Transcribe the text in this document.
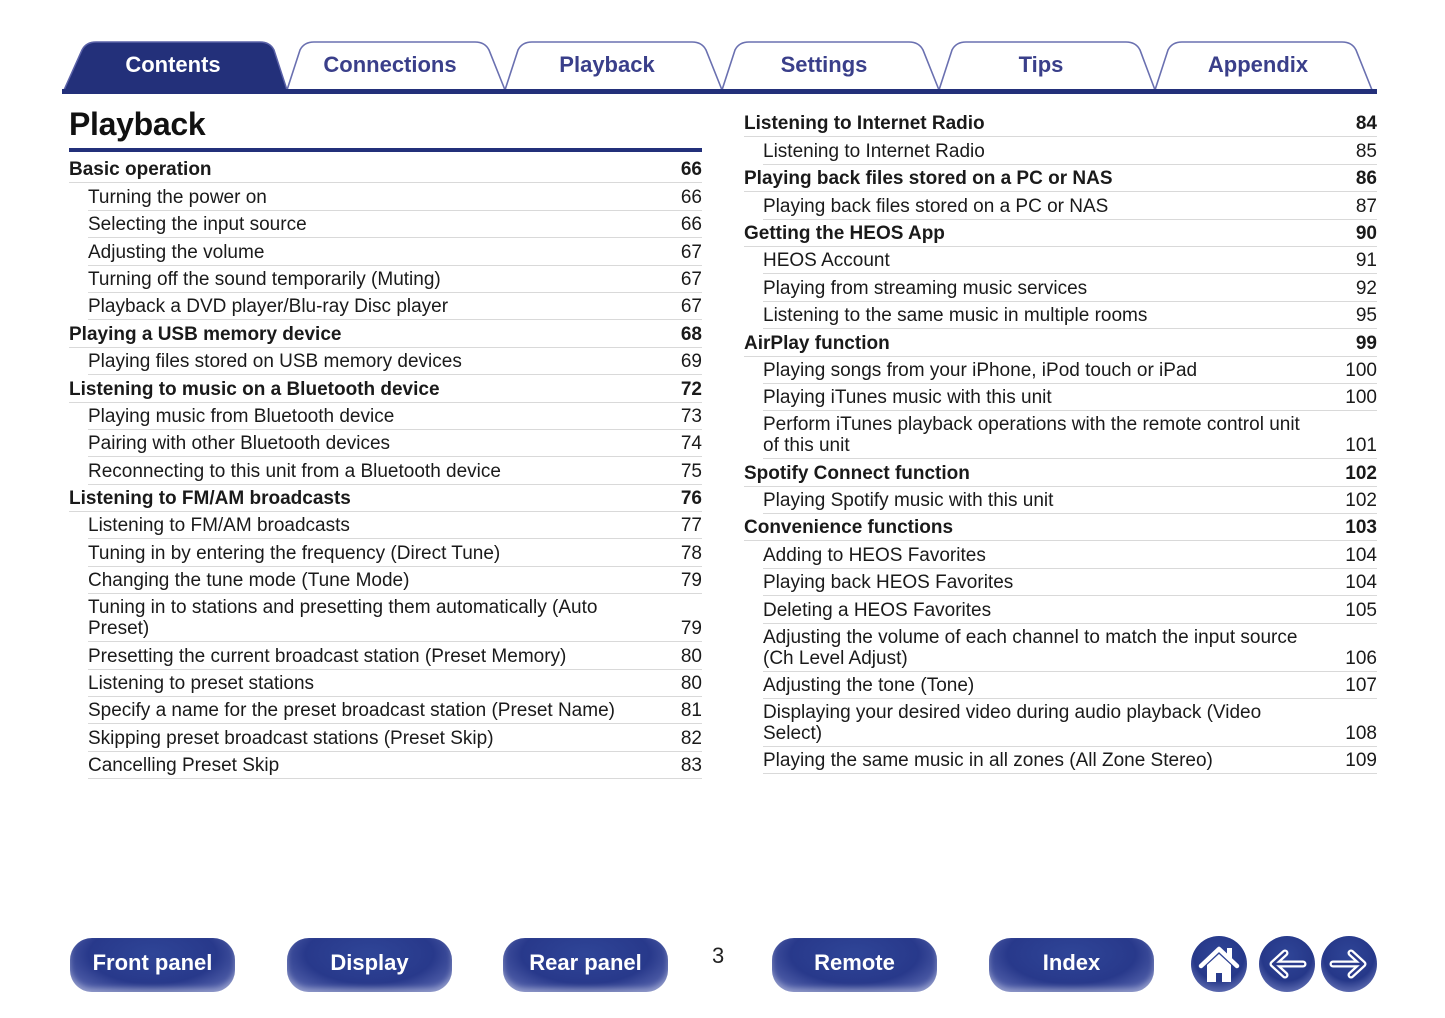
Contents	Connections	Playback	Settings	Tips	Appendix
Playback
Basic operation	66
Turning the power on	66
Selecting the input source	66
Adjusting the volume	67
Turning off the sound temporarily (Muting)	67
Playback a DVD player/Blu-ray Disc player	67
Playing a USB memory device	68
Playing files stored on USB memory devices	69
Listening to music on a Bluetooth device	72
Playing music from Bluetooth device	73
Pairing with other Bluetooth devices	74
Reconnecting to this unit from a Bluetooth device	75
Listening to FM/AM broadcasts	76
Listening to FM/AM broadcasts	77
Tuning in by entering the frequency (Direct Tune)	78
Changing the tune mode (Tune Mode)	79
Tuning in to stations and presetting them automatically (Auto Preset)	79
Presetting the current broadcast station (Preset Memory)	80
Listening to preset stations	80
Specify a name for the preset broadcast station (Preset Name)	81
Skipping preset broadcast stations (Preset Skip)	82
Cancelling Preset Skip	83
Listening to Internet Radio	84
Listening to Internet Radio	85
Playing back files stored on a PC or NAS	86
Playing back files stored on a PC or NAS	87
Getting the HEOS App	90
HEOS Account	91
Playing from streaming music services	92
Listening to the same music in multiple rooms	95
AirPlay function	99
Playing songs from your iPhone, iPod touch or iPad	100
Playing iTunes music with this unit	100
Perform iTunes playback operations with the remote control unit of this unit	101
Spotify Connect function	102
Playing Spotify music with this unit	102
Convenience functions	103
Adding to HEOS Favorites	104
Playing back HEOS Favorites	104
Deleting a HEOS Favorites	105
Adjusting the volume of each channel to match the input source (Ch Level Adjust)	106
Adjusting the tone (Tone)	107
Displaying your desired video during audio playback (Video Select)	108
Playing the same music in all zones (All Zone Stereo)	109
Front panel	Display	Rear panel	3	Remote	Index
